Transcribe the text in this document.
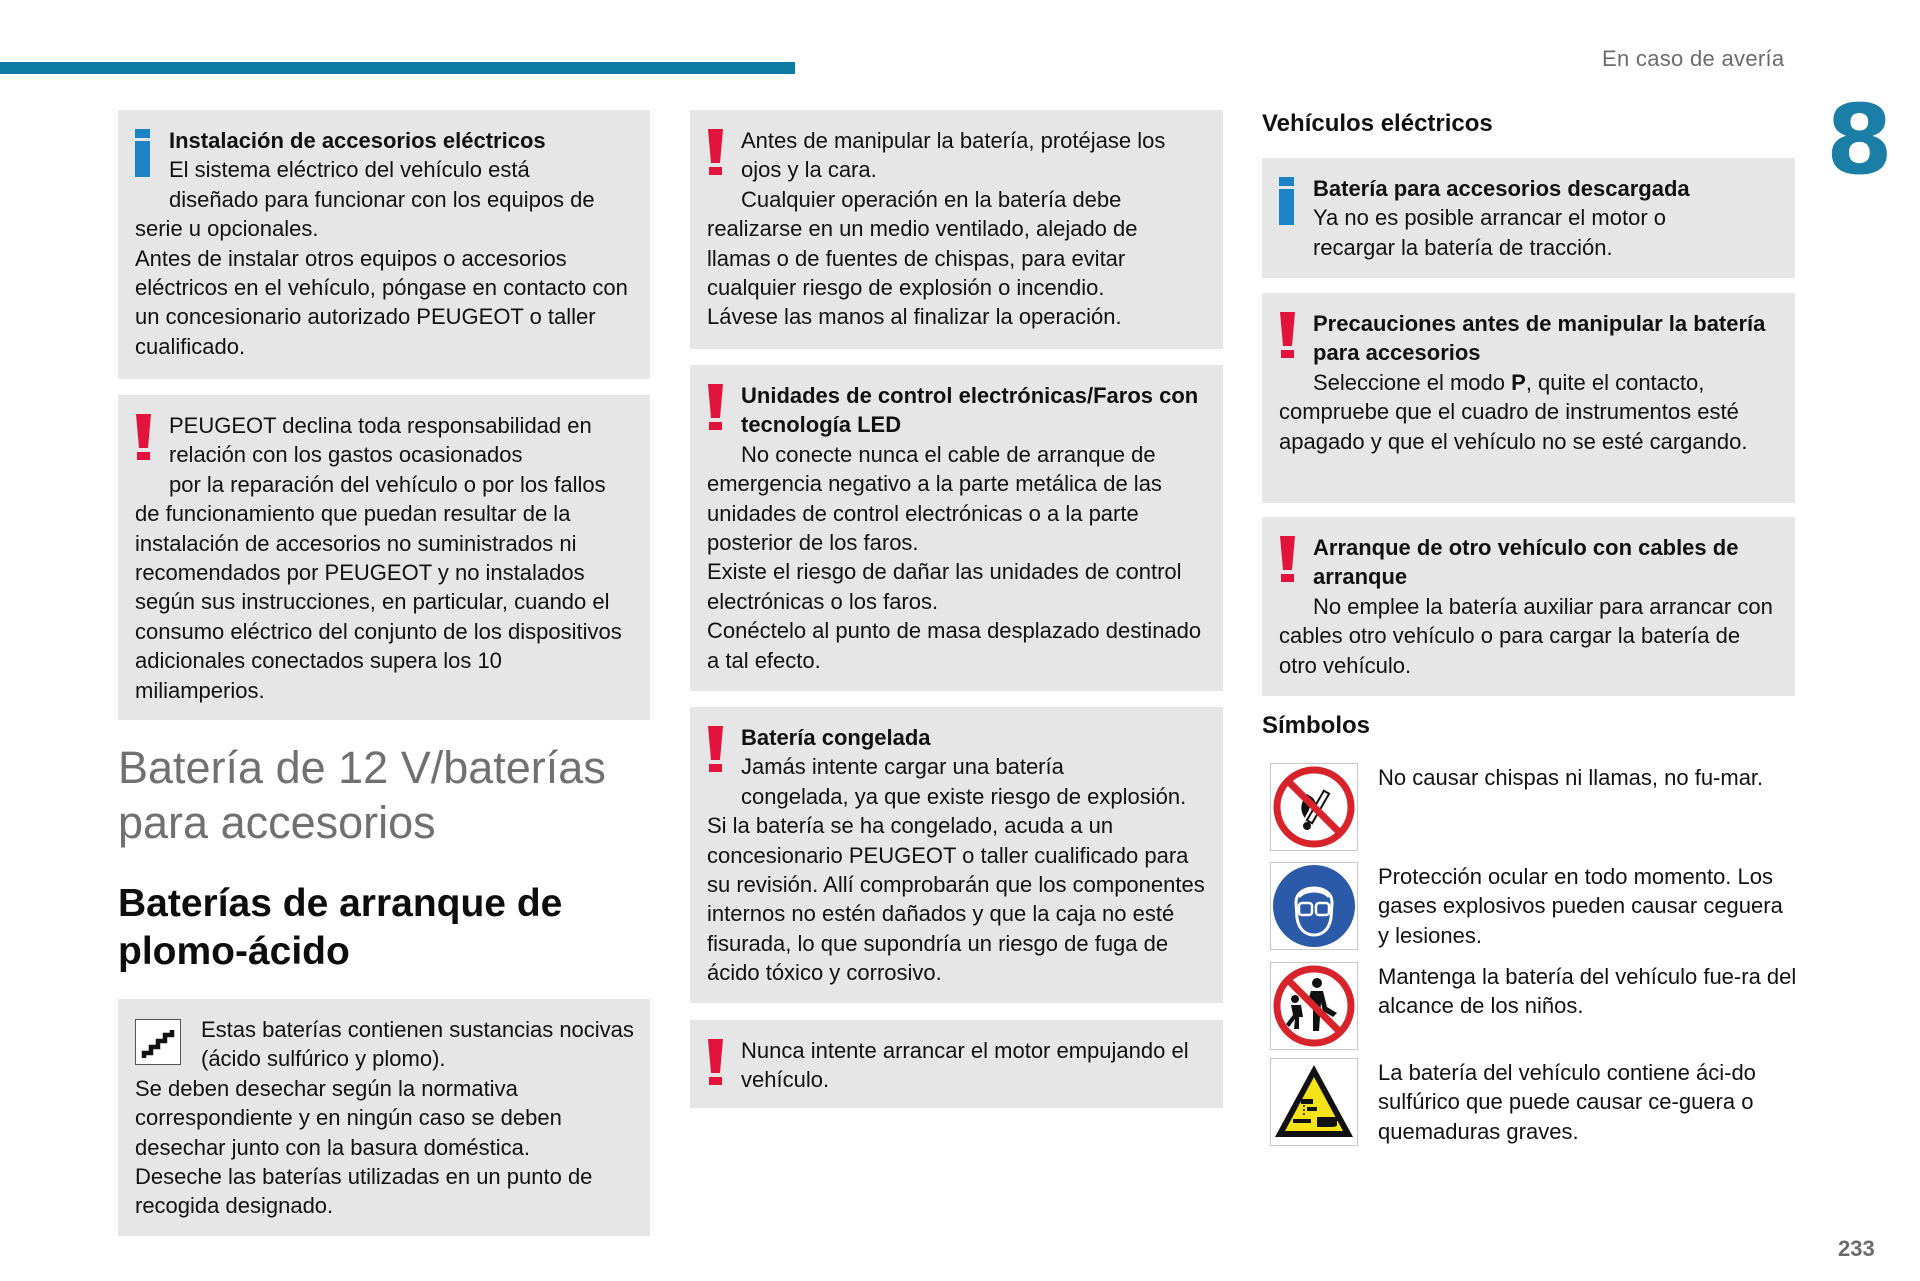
En caso de avería
8
233
Instalación de accesorios eléctricos
El sistema eléctrico del vehículo está

diseñado para funcionar con los equipos de serie u opcionales.

Antes de instalar otros equipos o accesorios eléctricos en el vehículo, póngase en contacto con un concesionario autorizado PEUGEOT o taller cualificado.

PEUGEOT declina toda responsabilidad en relación con los gastos ocasionados

por la reparación del vehículo o por los fallos de funcionamiento que puedan resultar de la instalación de accesorios no suministrados ni recomendados por PEUGEOT y no instalados según sus instrucciones, en particular, cuando el consumo eléctrico del conjunto de los dispositivos adicionales conectados supera los 10 miliamperios.

Batería de 12 V/baterías para accesorios
Baterías de arranque de plomo-ácido
Estas baterías contienen sustancias nocivas (ácido sulfúrico y plomo).

Se deben desechar según la normativa correspondiente y en ningún caso se deben desechar junto con la basura doméstica.

Deseche las baterías utilizadas en un punto de recogida designado.

Antes de manipular la batería, protéjase los ojos y la cara.

Cualquier operación en la batería debe realizarse en un medio ventilado, alejado de llamas o de fuentes de chispas, para evitar cualquier riesgo de explosión o incendio.

Lávese las manos al finalizar la operación.

Unidades de control electrónicas/Faros con tecnología LED

No conecte nunca el cable de arranque de emergencia negativo a la parte metálica de las unidades de control electrónicas o a la parte posterior de los faros.

Existe el riesgo de dañar las unidades de control electrónicas o los faros.

Conéctelo al punto de masa desplazado destinado a tal efecto.

Batería congelada
Jamás intente cargar una batería

congelada, ya que existe riesgo de explosión. Si la batería se ha congelado, acuda a un concesionario PEUGEOT o taller cualificado para su revisión. Allí comprobarán que los componentes internos no estén dañados y que la caja no esté fisurada, lo que supondría un riesgo de fuga de ácido tóxico y corrosivo.

Nunca intente arrancar el motor empujando el vehículo.
Vehículos eléctricos
Batería para accesorios descargada
Ya no es posible arrancar el motor o

recargar la batería de tracción.

Precauciones antes de manipular la batería para accesorios

Seleccione el modo P, quite el contacto, compruebe que el cuadro de instrumentos esté apagado y que el vehículo no se esté cargando.

Arranque de otro vehículo con cables de arranque

No emplee la batería auxiliar para arrancar con cables otro vehículo o para cargar la batería de otro vehículo.

Símbolos
No causar chispas ni llamas, no fu-mar.
Protección ocular en todo momento. Los gases explosivos pueden causar ceguera y lesiones.
Mantenga la batería del vehículo fue-ra del alcance de los niños.
La batería del vehículo contiene áci-do sulfúrico que puede causar ce-guera o quemaduras graves.
